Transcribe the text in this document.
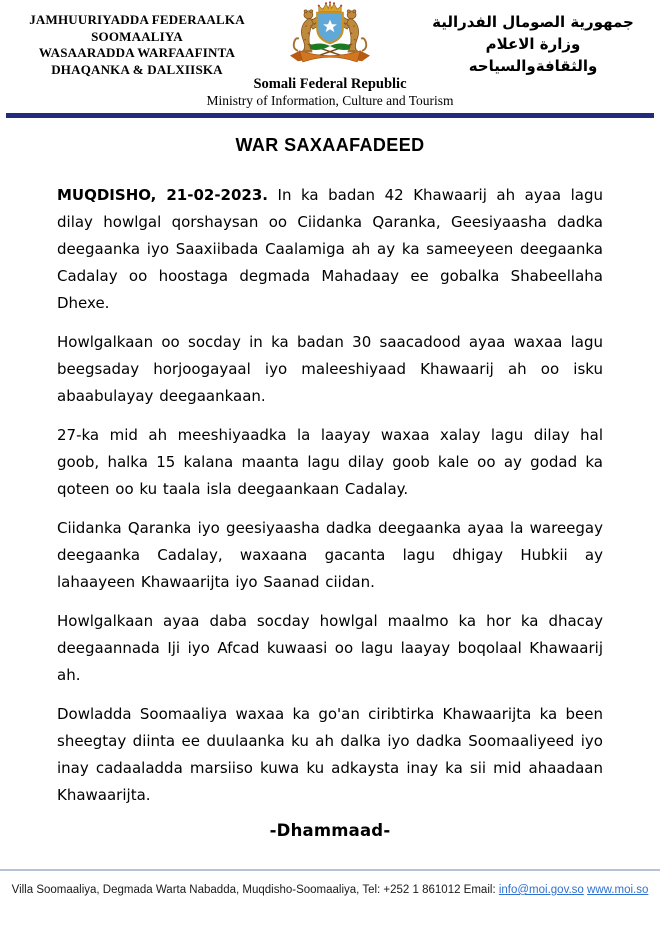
JAMHUURIYADDA FEDERAALKA
SOOMAALIYA
WASAARADDA WARFAAFINTA
DHAQANKA & DALXIISKA
جمهورية الصومال الفدرالية
وزارة الاعلام
والثقافةوالسياحه
Somali Federal Republic
Ministry of Information, Culture and Tourism
WAR SAXAAFADEED

MUQDISHO, 21-02-2023. In ka badan 42 Khawaarij ah ayaa lagu dilay howlgal qorshaysan oo Ciidanka Qaranka, Geesiyaasha dadka deegaanka iyo Saaxiibada Caalamiga ah ay ka sameeyeen deegaanka Cadalay oo hoostaga degmada Mahadaay ee gobalka Shabeellaha Dhexe.

Howlgalkaan oo socday in ka badan 30 saacadood ayaa waxaa lagu beegsaday horjoogayaal iyo maleeshiyaad Khawaarij ah oo isku abaabulayay deegaankaan.

27-ka mid ah meeshiyaadka la laayay waxaa xalay lagu dilay hal goob, halka 15 kalana maanta lagu dilay goob kale oo ay godad ka qoteen oo ku taala isla deegaankaan Cadalay.

Ciidanka Qaranka iyo geesiyaasha dadka deegaanka ayaa la wareegay deegaanka Cadalay, waxaana gacanta lagu dhigay Hubkii ay lahaayeen Khawaarijta iyo Saanad ciidan.

Howlgalkaan ayaa daba socday howlgal maalmo ka hor ka dhacay deegaannada Iji iyo Afcad kuwaasi oo lagu laayay boqolaal Khawaarij ah.

Dowladda Soomaaliya waxaa ka go'an ciribtirka Khawaarijta ka been sheegtay diinta ee duulaanka ku ah dalka iyo dadka Soomaaliyeed iyo inay cadaaladda marsiiso kuwa ku adkaysta inay ka sii mid ahaadaan Khawaarijta.

-Dhammaad-
Villa Soomaaliya, Degmada Warta Nabadda, Muqdisho-Soomaaliya, Tel: +252 1 861012 Email: info@moi.gov.so www.moi.so
